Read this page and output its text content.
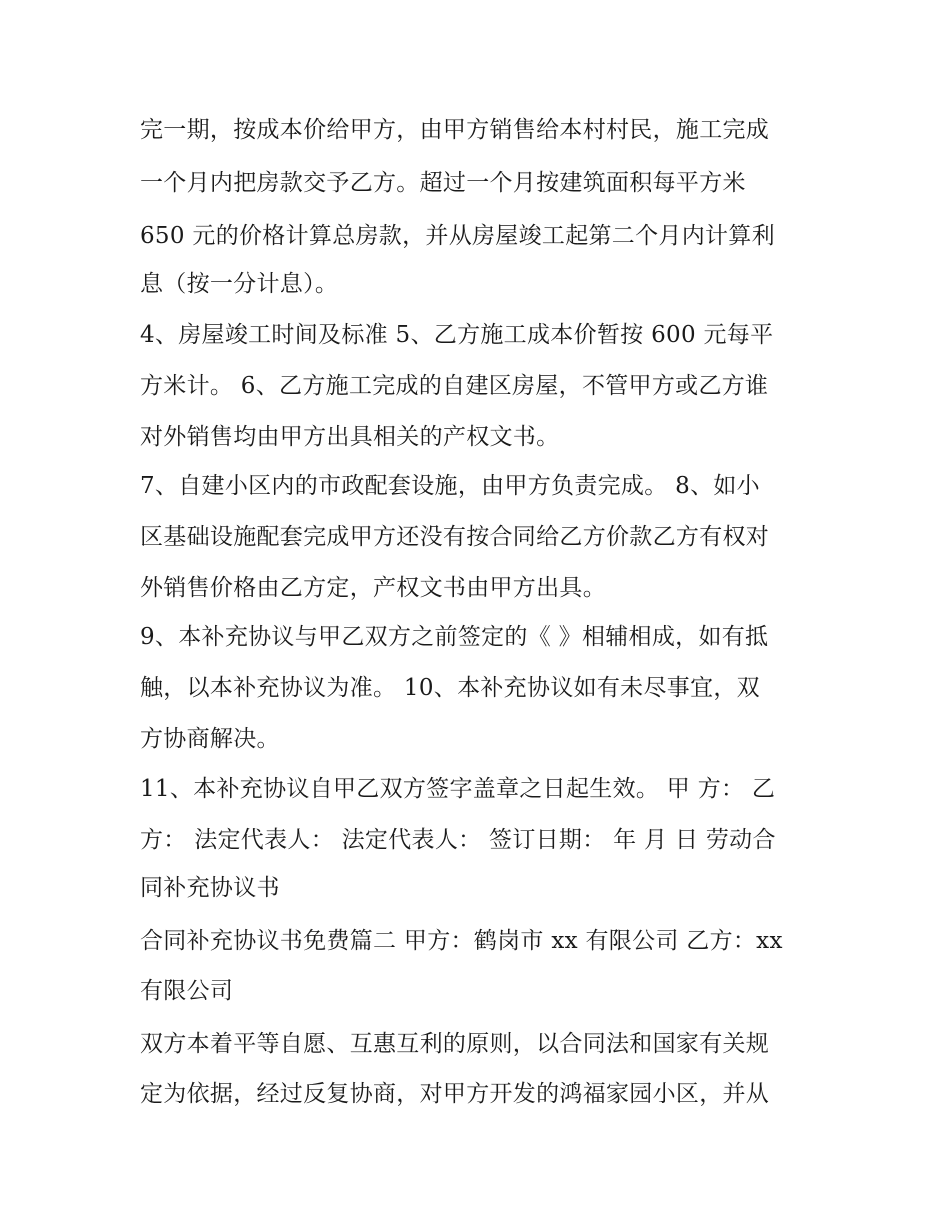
完一期，按成本价给甲方，由甲方销售给本村村民，施工完成
一个月内把房款交予乙方。超过一个月按建筑面积每平方米
650 元的价格计算总房款，并从房屋竣工起第二个月内计算利
息（按一分计息）。
4、房屋竣工时间及标准 5、乙方施工成本价暂按 600 元每平
方米计。 6、乙方施工完成的自建区房屋，不管甲方或乙方谁
对外销售均由甲方出具相关的产权文书。
7、自建小区内的市政配套设施，由甲方负责完成。 8、如小
区基础设施配套完成甲方还没有按合同给乙方价款乙方有权对
外销售价格由乙方定，产权文书由甲方出具。
9、本补充协议与甲乙双方之前签定的《 》相辅相成，如有抵
触，以本补充协议为准。 10、本补充协议如有未尽事宜，双
方协商解决。
11、本补充协议自甲乙双方签字盖章之日起生效。 甲 方： 乙
方： 法定代表人： 法定代表人： 签订日期： 年 月 日 劳动合
同补充协议书
合同补充协议书免费篇二 甲方：鹤岗市 xx 有限公司 乙方：xx
有限公司
双方本着平等自愿、互惠互利的原则，以合同法和国家有关规
定为依据，经过反复协商，对甲方开发的鸿福家园小区，并从
